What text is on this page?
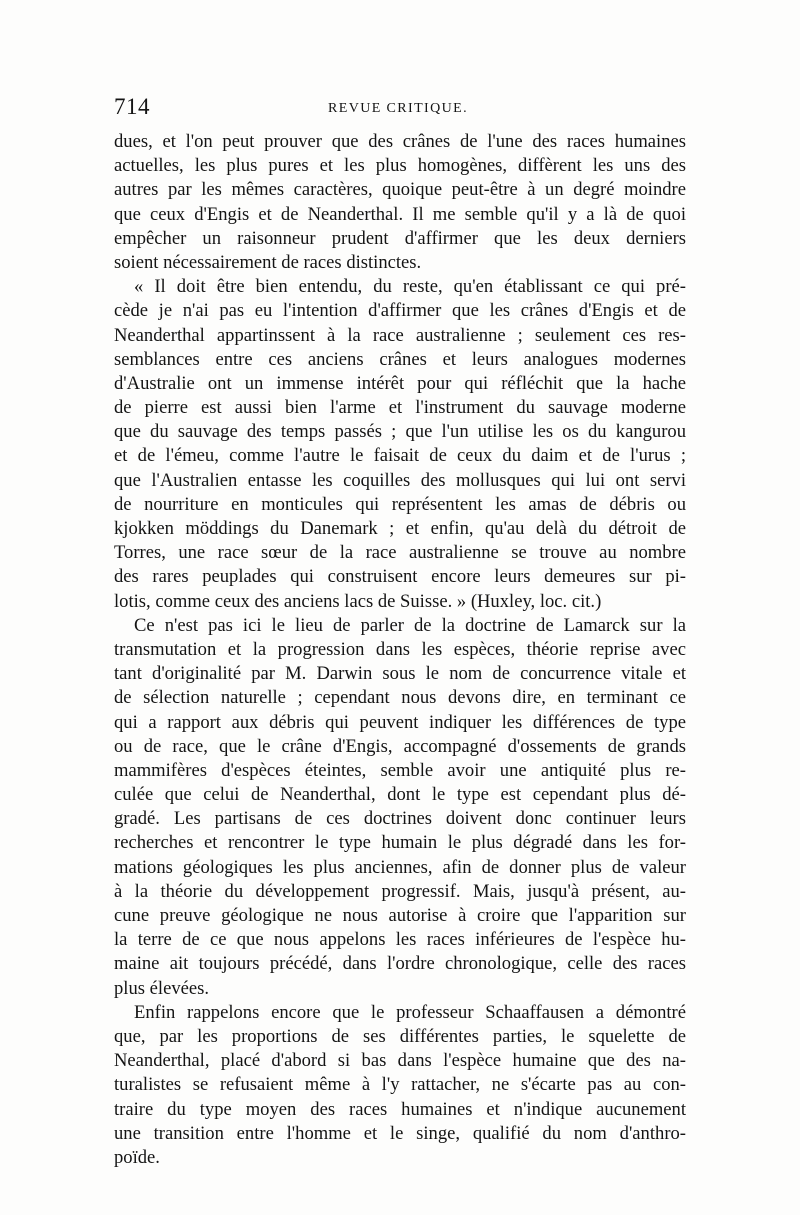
714	REVUE CRITIQUE.
dues, et l'on peut prouver que des crânes de l'une des races humaines
actuelles, les plus pures et les plus homogènes, diffèrent les uns des
autres par les mêmes caractères, quoique peut-être à un degré moindre
que ceux d'Engis et de Neanderthal. Il me semble qu'il y a là de quoi
empêcher un raisonneur prudent d'affirmer que les deux derniers
soient nécessairement de races distinctes.
« Il doit être bien entendu, du reste, qu'en établissant ce qui pré-
cède je n'ai pas eu l'intention d'affirmer que les crânes d'Engis et de
Neanderthal appartinssent à la race australienne ; seulement ces res-
semblances entre ces anciens crânes et leurs analogues modernes
d'Australie ont un immense intérêt pour qui réfléchit que la hache
de pierre est aussi bien l'arme et l'instrument du sauvage moderne
que du sauvage des temps passés ; que l'un utilise les os du kangurou
et de l'émeu, comme l'autre le faisait de ceux du daim et de l'urus ;
que l'Australien entasse les coquilles des mollusques qui lui ont servi
de nourriture en monticules qui représentent les amas de débris ou
kjokken möddings du Danemark ; et enfin, qu'au delà du détroit de
Torres, une race sœur de la race australienne se trouve au nombre
des rares peuplades qui construisent encore leurs demeures sur pi-
lotis, comme ceux des anciens lacs de Suisse. » (Huxley, loc. cit.)
Ce n'est pas ici le lieu de parler de la doctrine de Lamarck sur la
transmutation et la progression dans les espèces, théorie reprise avec
tant d'originalité par M. Darwin sous le nom de concurrence vitale et
de sélection naturelle ; cependant nous devons dire, en terminant ce
qui a rapport aux débris qui peuvent indiquer les différences de type
ou de race, que le crâne d'Engis, accompagné d'ossements de grands
mammifères d'espèces éteintes, semble avoir une antiquité plus re-
culée que celui de Neanderthal, dont le type est cependant plus dé-
gradé. Les partisans de ces doctrines doivent donc continuer leurs
recherches et rencontrer le type humain le plus dégradé dans les for-
mations géologiques les plus anciennes, afin de donner plus de valeur
à la théorie du développement progressif. Mais, jusqu'à présent, au-
cune preuve géologique ne nous autorise à croire que l'apparition sur
la terre de ce que nous appelons les races inférieures de l'espèce hu-
maine ait toujours précédé, dans l'ordre chronologique, celle des races
plus élevées.
Enfin rappelons encore que le professeur Schaaffausen a démontré
que, par les proportions de ses différentes parties, le squelette de
Neanderthal, placé d'abord si bas dans l'espèce humaine que des na-
turalistes se refusaient même à l'y rattacher, ne s'écarte pas au con-
traire du type moyen des races humaines et n'indique aucunement
une transition entre l'homme et le singe, qualifié du nom d'anthro-
poïde.
